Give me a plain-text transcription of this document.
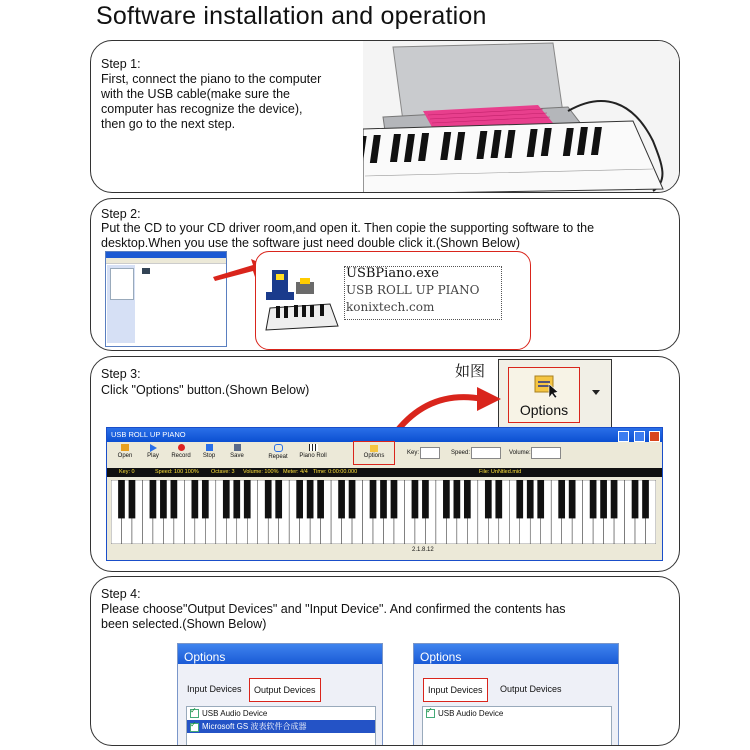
Software installation and operation
Step 1:
First, connect the piano to the computer
with the USB cable(make sure the
computer has recognize the device),
then go to the next step.
Step 2:
Put the CD to your CD driver room,and open it. Then copie the supporting software to the
desktop.When you use the software just need double click it.(Shown Below)
USBPiano.exe
USB ROLL UP PIANO
konixtech.com
Step 3:
Click "Options" button.(Shown Below)
如图
Options
USB ROLL UP PIANO

Open	Play	Record	Stop	Save	Repeat	Piano Roll	Options	Key:	Speed:	Volume:
Key: 0	Speed: 100 100% Octave: 3 Volume: 100% Meter: 4/4 Time: 0:00:00.000	File: UnNtled.mid
2.1.8.12
Step 4:
Please choose"Output Devices" and "Input Device". And confirmed the contents has
been selected.(Shown Below)
Options
Input Devices	Output Devices
✓USB Audio Device
✓Microsoft GS 波表软件合成器
Options
Input Devices	Output Devices
✓USB Audio Device
